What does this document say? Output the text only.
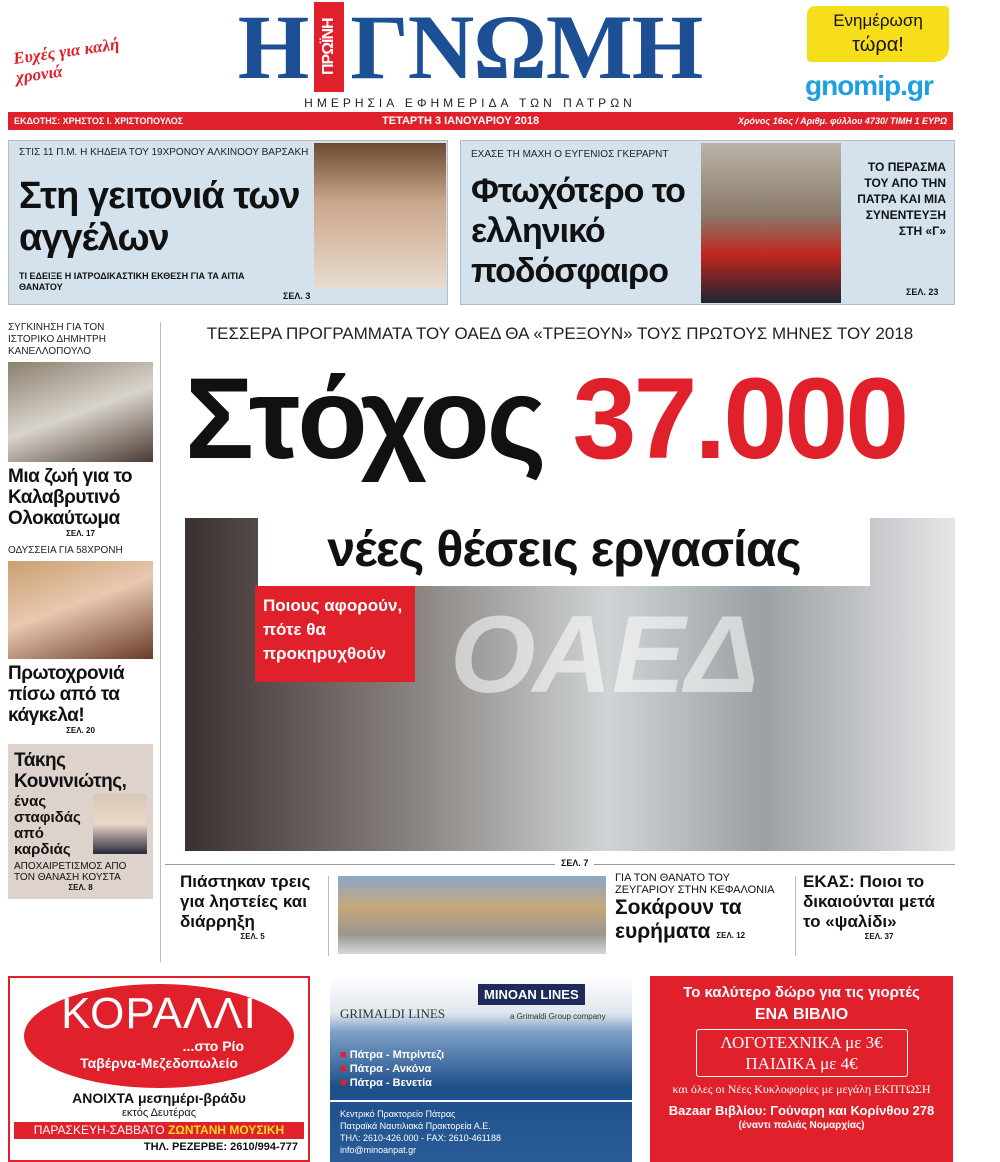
Ευχές για καλή χρονιά	Η ΠΡΩΪΝΗ ΓΝΩΜΗ
ΗΜΕΡΗΣΙΑ ΕΦΗΜΕΡΙΔΑ ΤΩΝ ΠΑΤΡΩΝ
Ενημέρωση
τώρα!
gnomip.gr
ΕΚΔΟΤΗΣ: ΧΡΗΣΤΟΣ Ι. ΧΡΙΣΤΟΠΟΥΛΟΣ	ΤΕΤΑΡΤΗ 3 ΙΑΝΟΥΑΡΙΟΥ 2018	Χρόνος 16ος / Αριθμ. φύλλου 4730/ ΤΙΜΗ 1 ΕΥΡΩ
ΣΤΙΣ 11 Π.Μ. Η ΚΗΔΕΙΑ ΤΟΥ 19ΧΡΟΝΟΥ ΑΛΚΙΝΟΟΥ ΒΑΡΣΑΚΗ
Στη γειτονιά των αγγέλων
ΤΙ ΕΔΕΙΞΕ Η ΙΑΤΡΟΔΙΚΑΣΤΙΚΗ ΕΚΘΕΣΗ ΓΙΑ ΤΑ ΑΙΤΙΑ ΘΑΝΑΤΟΥ
ΣΕΛ. 3
ΕΧΑΣΕ ΤΗ ΜΑΧΗ Ο ΕΥΓΕΝΙΟΣ ΓΚΕΡΑΡΝΤ
Φτωχότερο το ελληνικό ποδόσφαιρο
ΤΟ ΠΕΡΑΣΜΑ ΤΟΥ ΑΠΟ ΤΗΝ ΠΑΤΡΑ ΚΑΙ ΜΙΑ ΣΥΝΕΝΤΕΥΞΗ ΣΤΗ «Γ»
ΣΕΛ. 23
ΣΥΓΚΙΝΗΣΗ ΓΙΑ ΤΟΝ ΙΣΤΟΡΙΚΟ ΔΗΜΗΤΡΗ ΚΑΝΕΛΛΟΠΟΥΛΟ
Μια ζωή για το Καλαβρυτινό Ολοκαύτωμα
ΣΕΛ. 17
ΟΔΥΣΣΕΙΑ ΓΙΑ 58ΧΡΟΝΗ
Πρωτοχρονιά πίσω από τα κάγκελα!
ΣΕΛ. 20
Τάκης Κουνινιώτης,
ένας σταφιδάς από καρδιάς
ΑΠΟΧΑΙΡΕΤΙΣΜΟΣ ΑΠΟ ΤΟΝ ΘΑΝΑΣΗ ΚΟΥΣΤΑ
ΣΕΛ. 8
ΤΕΣΣΕΡΑ ΠΡΟΓΡΑΜΜΑΤΑ ΤΟΥ ΟΑΕΔ ΘΑ «ΤΡΕΞΟΥΝ» ΤΟΥΣ ΠΡΩΤΟΥΣ ΜΗΝΕΣ ΤΟΥ 2018
Στόχος 37.000
ΟΑΕΔ
νέες θέσεις εργασίας
Ποιους αφορούν, πότε θα προκηρυχθούν
ΣΕΛ. 7
Πιάστηκαν τρεις για ληστείες και διάρρηξη
ΣΕΛ. 5
ΓΙΑ ΤΟΝ ΘΑΝΑΤΟ ΤΟΥ ΖΕΥΓΑΡΙΟΥ ΣΤΗΝ ΚΕΦΑΛΟΝΙΑ
Σοκάρουν τα ευρήματα ΣΕΛ. 12
ΕΚΑΣ: Ποιοι το δικαιούνται μετά το «ψαλίδι»
ΣΕΛ. 37
ΚΟΡΑΛΛΙ
...στο Ρίο
Ταβέρνα-Μεζεδοπωλείο
ΑΝΟΙΧΤΑ μεσημέρι-βράδυ
εκτός Δευτέρας
ΠΑΡΑΣΚΕΥΗ-ΣΑΒΒΑΤΟ ΖΩΝΤΑΝΗ ΜΟΥΣΙΚΗ
ΤΗΛ. ΡΕΖΕΡΒΕ: 2610/994-777
GRIMALDI LINES
MINOAN LINES
a Grimaldi Group company
■ Πάτρα - Μπρίντεζι
■ Πάτρα - Ανκόνα
■ Πάτρα - Βενετία
Κεντρικό Πρακτορείο Πάτρας
Πατραϊκά Ναυτιλιακά Πρακτορεία Α.Ε.
ΤΗΛ: 2610-426.000 - FAX: 2610-461188
info@minoanpat.gr
Το καλύτερο δώρο για τις γιορτές
ΕΝΑ ΒΙΒΛΙΟ
ΛΟΓΟΤΕΧΝΙΚΑ με 3€
ΠΑΙΔΙΚΑ με 4€
και όλες οι Νέες Κυκλοφορίες με μεγάλη ΕΚΠΤΩΣΗ
Bazaar Βιβλίου: Γούναρη και Κορίνθου 278
(έναντι παλιάς Νομαρχίας)
